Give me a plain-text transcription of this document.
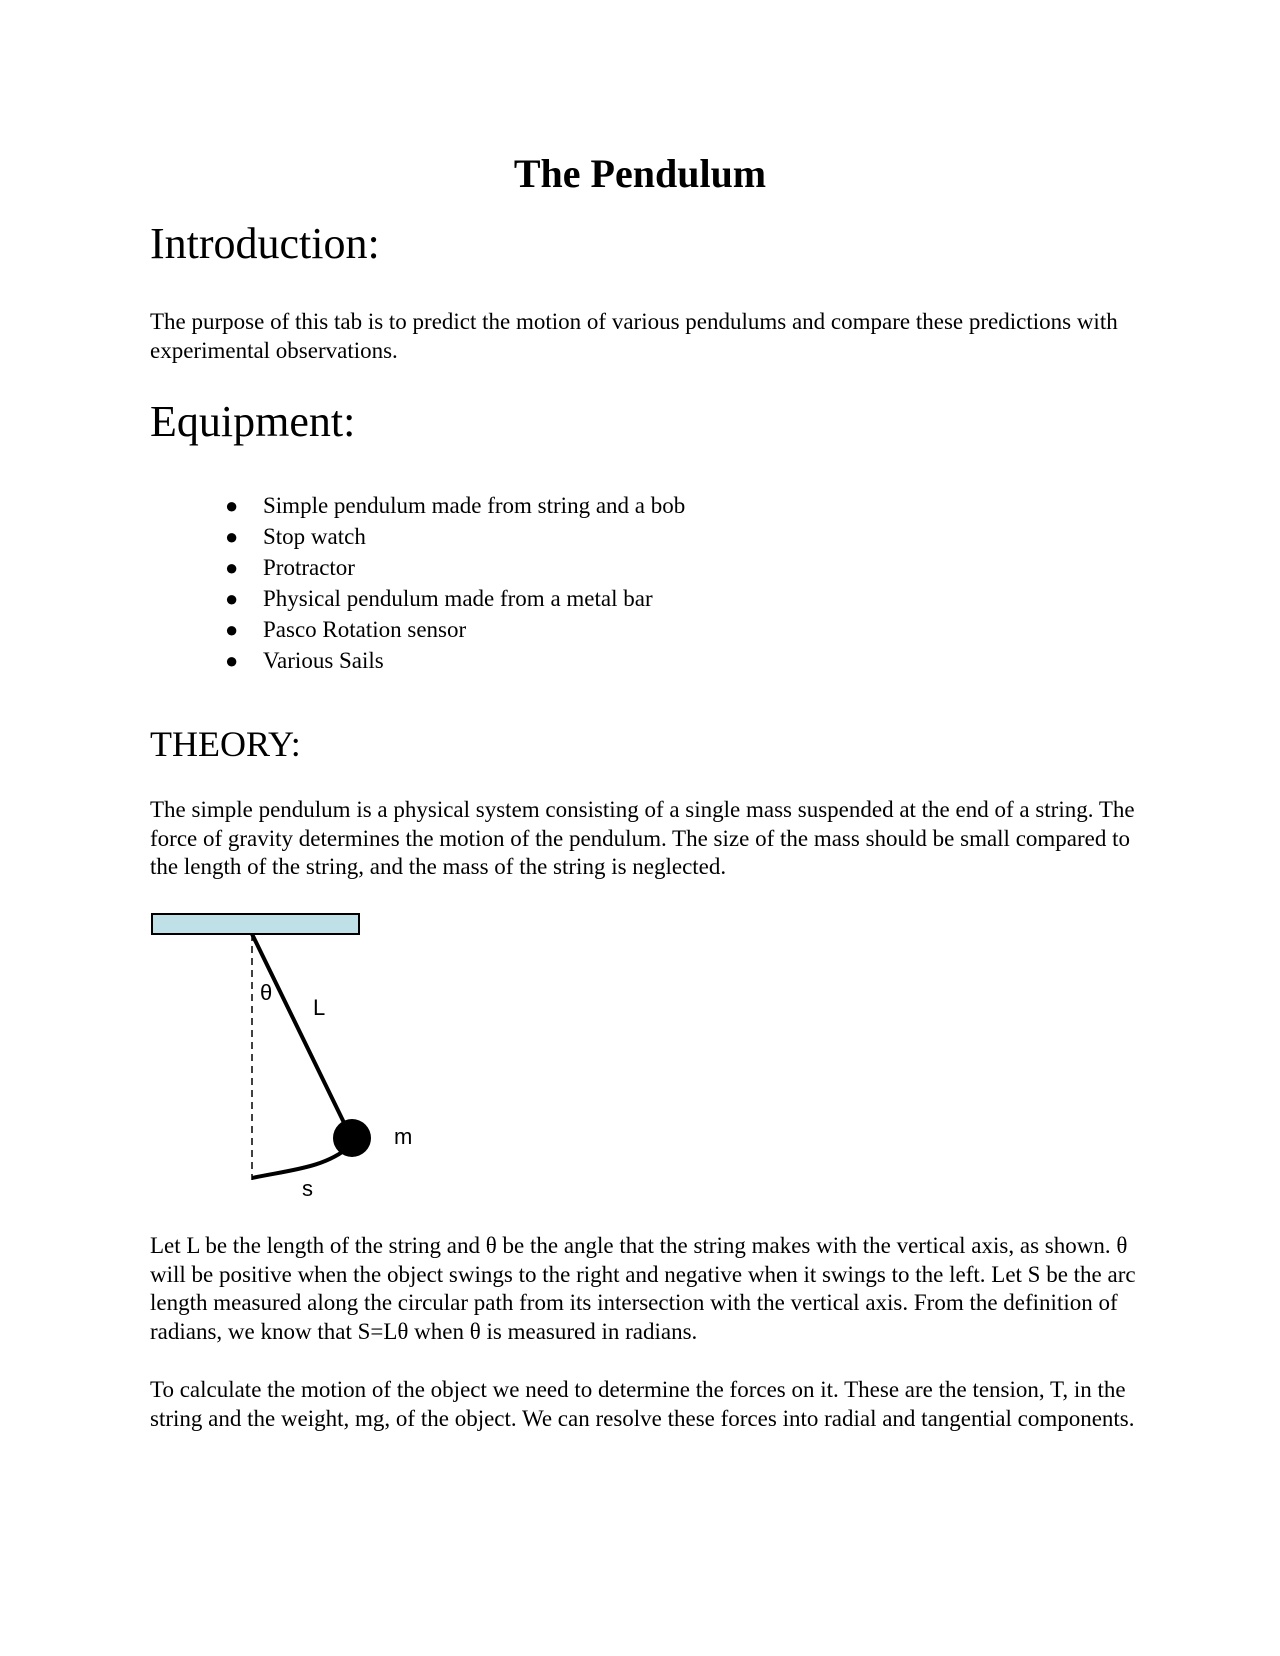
The Pendulum
Introduction:
The purpose of this tab is to predict the motion of various pendulums and compare these predictions with experimental observations.
Equipment:
●	Simple pendulum made from string and a bob
●	Stop watch
●	Protractor
●	Physical pendulum made from a metal bar
●	Pasco Rotation sensor
●	Various Sails
THEORY:
The simple pendulum is a physical system consisting of a single mass suspended at the end of a string. The force of gravity determines the motion of the pendulum. The size of the mass should be small compared to the length of the string, and the mass of the string is neglected.
θ
L
m
s
Let L be the length of the string and θ be the angle that the string makes with the vertical axis, as shown. θ will be positive when the object swings to the right and negative when it swings to the left. Let S be the arc length measured along the circular path from its intersection with the vertical axis. From the definition of radians, we know that S=Lθ when θ is measured in radians.
To calculate the motion of the object we need to determine the forces on it. These are the tension, T, in the string and the weight, mg, of the object. We can resolve these forces into radial and tangential components.
